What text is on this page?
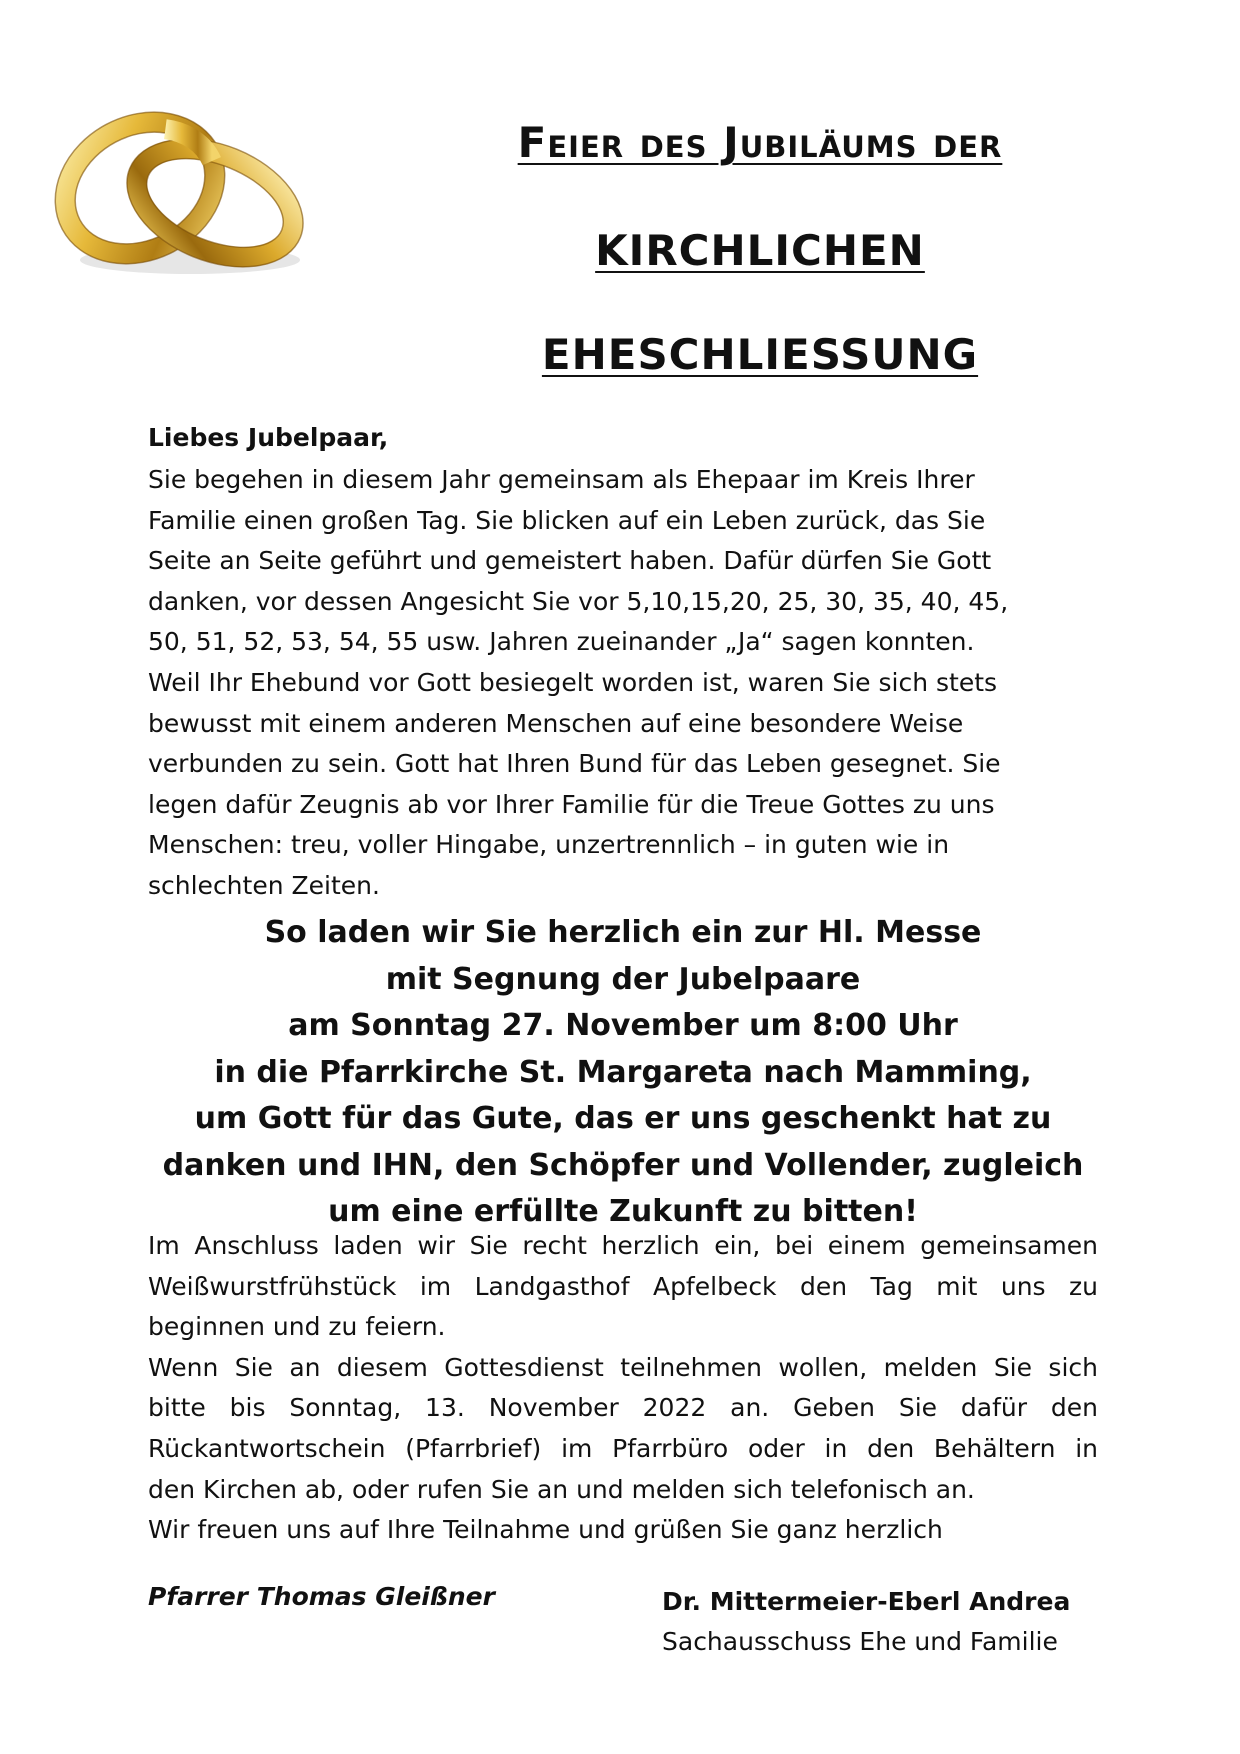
Feier des Jubiläums der
KIRCHLICHEN
EHESCHLIESSUNG
Liebes Jubelpaar,
Sie begehen in diesem Jahr gemeinsam als Ehepaar im Kreis Ihrer
Familie einen großen Tag. Sie blicken auf ein Leben zurück, das Sie
Seite an Seite geführt und gemeistert haben. Dafür dürfen Sie Gott
danken, vor dessen Angesicht Sie vor 5,10,15,20, 25, 30, 35, 40, 45,
50, 51, 52, 53, 54, 55 usw. Jahren zueinander „Ja“ sagen konnten.
Weil Ihr Ehebund vor Gott besiegelt worden ist, waren Sie sich stets
bewusst mit einem anderen Menschen auf eine besondere Weise
verbunden zu sein. Gott hat Ihren Bund für das Leben gesegnet. Sie
legen dafür Zeugnis ab vor Ihrer Familie für die Treue Gottes zu uns
Menschen: treu, voller Hingabe, unzertrennlich – in guten wie in
schlechten Zeiten.
So laden wir Sie herzlich ein zur Hl. Messe
mit Segnung der Jubelpaare
am Sonntag 27. November um 8:00 Uhr
in die Pfarrkirche St. Margareta nach Mamming,
um Gott für das Gute, das er uns geschenkt hat zu
danken und IHN, den Schöpfer und Vollender, zugleich
um eine erfüllte Zukunft zu bitten!
Im Anschluss laden wir Sie recht herzlich ein, bei einem gemeinsamen
Weißwurstfrühstück im Landgasthof Apfelbeck den Tag mit uns zu
beginnen und zu feiern.
Wenn Sie an diesem Gottesdienst teilnehmen wollen, melden Sie sich
bitte bis Sonntag, 13. November 2022 an. Geben Sie dafür den
Rückantwortschein (Pfarrbrief) im Pfarrbüro oder in den Behältern in
den Kirchen ab, oder rufen Sie an und melden sich telefonisch an.
Wir freuen uns auf Ihre Teilnahme und grüßen Sie ganz herzlich
Pfarrer Thomas Gleißner	Dr. Mittermeier-Eberl Andrea
Sachausschuss Ehe und Familie
